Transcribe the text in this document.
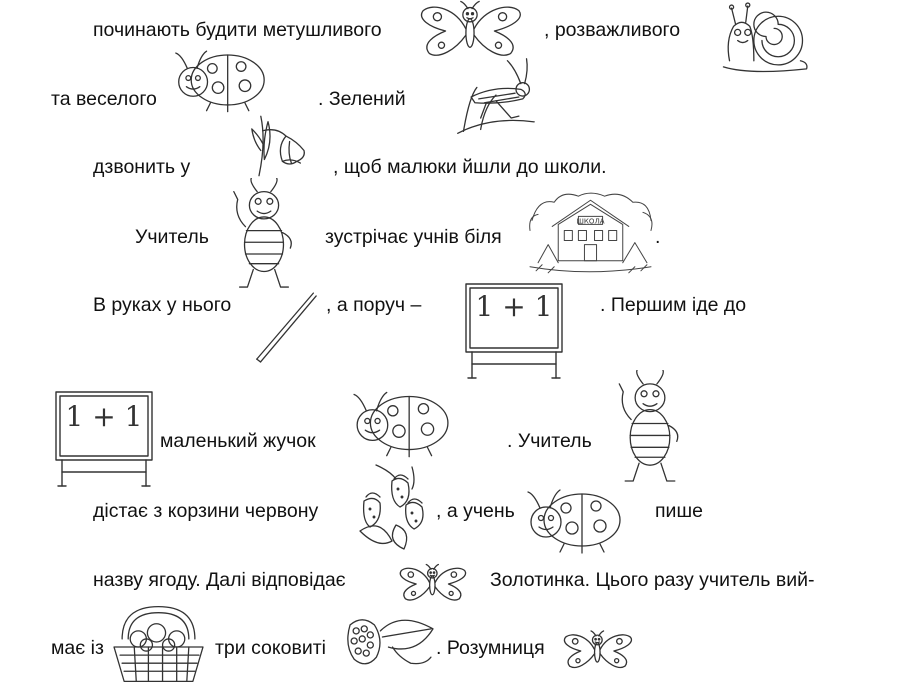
починають будити метушливого	, розважливого
та веселого	. Зелений
дзвонить у	, щоб малюки йшли до школи.
Учитель	зустрічає учнів біля	.
В руках у нього	, а поруч –	1 + 1	. Першим іде до
1 + 1
маленький жучок	. Учитель
дістає з корзини червону	, а учень	пише
назву ягоду. Далі відповідає	Золотинка. Цього разу учитель вий-
має із	три соковиті	. Розумниця
